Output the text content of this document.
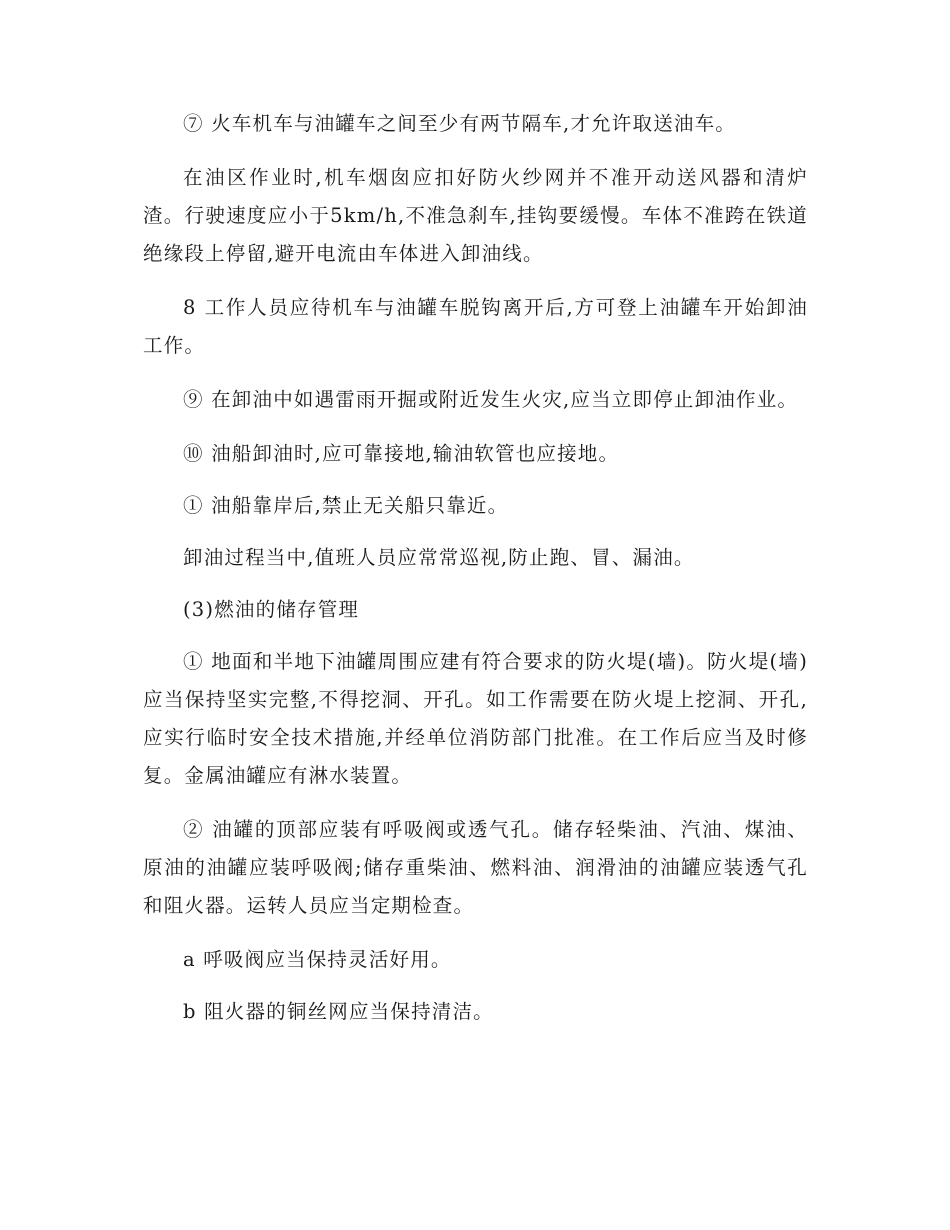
⑦ 火车机车与油罐车之间至少有两节隔车,才允许取送油车。

在油区作业时,机车烟囱应扣好防火纱网并不准开动送风器和清炉渣。行驶速度应小于5km/h,不准急刹车,挂钩要缓慢。车体不准跨在铁道绝缘段上停留,避开电流由车体进入卸油线。

8 工作人员应待机车与油罐车脱钩离开后,方可登上油罐车开始卸油工作。

⑨ 在卸油中如遇雷雨开掘或附近发生火灾,应当立即停止卸油作业。

⑩ 油船卸油时,应可靠接地,输油软管也应接地。

① 油船靠岸后,禁止无关船只靠近。

卸油过程当中,值班人员应常常巡视,防止跑、冒、漏油。

(3)燃油的储存管理

① 地面和半地下油罐周围应建有符合要求的防火堤(墙)。防火堤(墙)应当保持坚实完整,不得挖洞、开孔。如工作需要在防火堤上挖洞、开孔,应实行临时安全技术措施,并经单位消防部门批准。在工作后应当及时修复。金属油罐应有淋水装置。

② 油罐的顶部应装有呼吸阀或透气孔。储存轻柴油、汽油、煤油、原油的油罐应装呼吸阀;储存重柴油、燃料油、润滑油的油罐应装透气孔和阻火器。运转人员应当定期检查。

a 呼吸阀应当保持灵活好用。

b 阻火器的铜丝网应当保持清洁。
